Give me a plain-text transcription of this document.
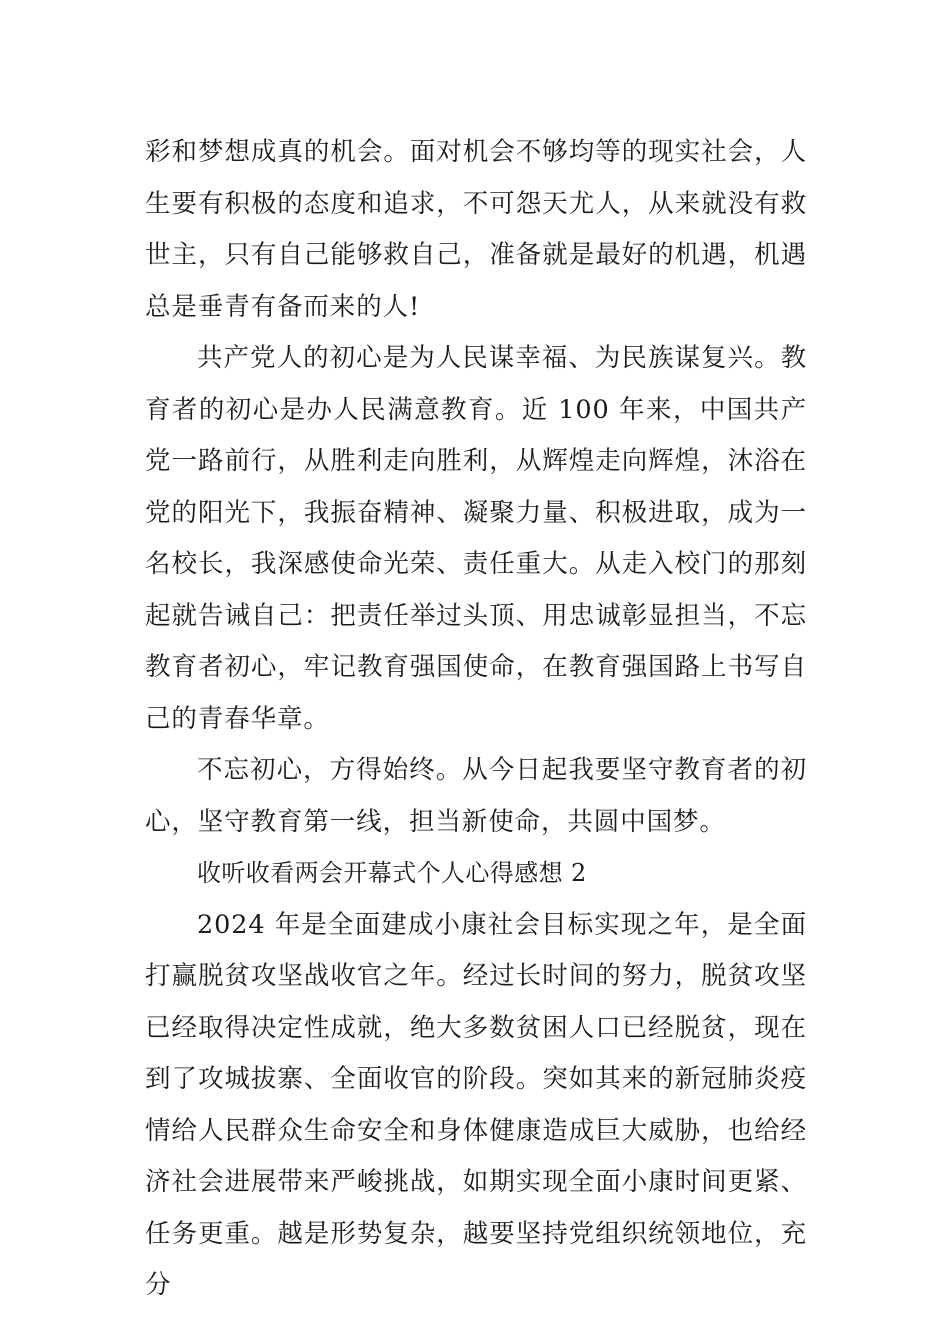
彩和梦想成真的机会。面对机会不够均等的现实社会，人生要有积极的态度和追求，不可怨天尤人，从来就没有救世主，只有自己能够救自己，准备就是最好的机遇，机遇总是垂青有备而来的人!

共产党人的初心是为人民谋幸福、为民族谋复兴。教育者的初心是办人民满意教育。近 100 年来，中国共产党一路前行，从胜利走向胜利，从辉煌走向辉煌，沐浴在党的阳光下，我振奋精神、凝聚力量、积极进取，成为一名校长，我深感使命光荣、责任重大。从走入校门的那刻起就告诫自己：把责任举过头顶、用忠诚彰显担当，不忘教育者初心，牢记教育强国使命，在教育强国路上书写自己的青春华章。

不忘初心，方得始终。从今日起我要坚守教育者的初心，坚守教育第一线，担当新使命，共圆中国梦。

收听收看两会开幕式个人心得感想 2

2024 年是全面建成小康社会目标实现之年，是全面打赢脱贫攻坚战收官之年。经过长时间的努力，脱贫攻坚已经取得决定性成就，绝大多数贫困人口已经脱贫，现在到了攻城拔寨、全面收官的阶段。突如其来的新冠肺炎疫情给人民群众生命安全和身体健康造成巨大威胁，也给经济社会进展带来严峻挑战，如期实现全面小康时间更紧、任务更重。越是形势复杂，越要坚持党组织统领地位，充分
